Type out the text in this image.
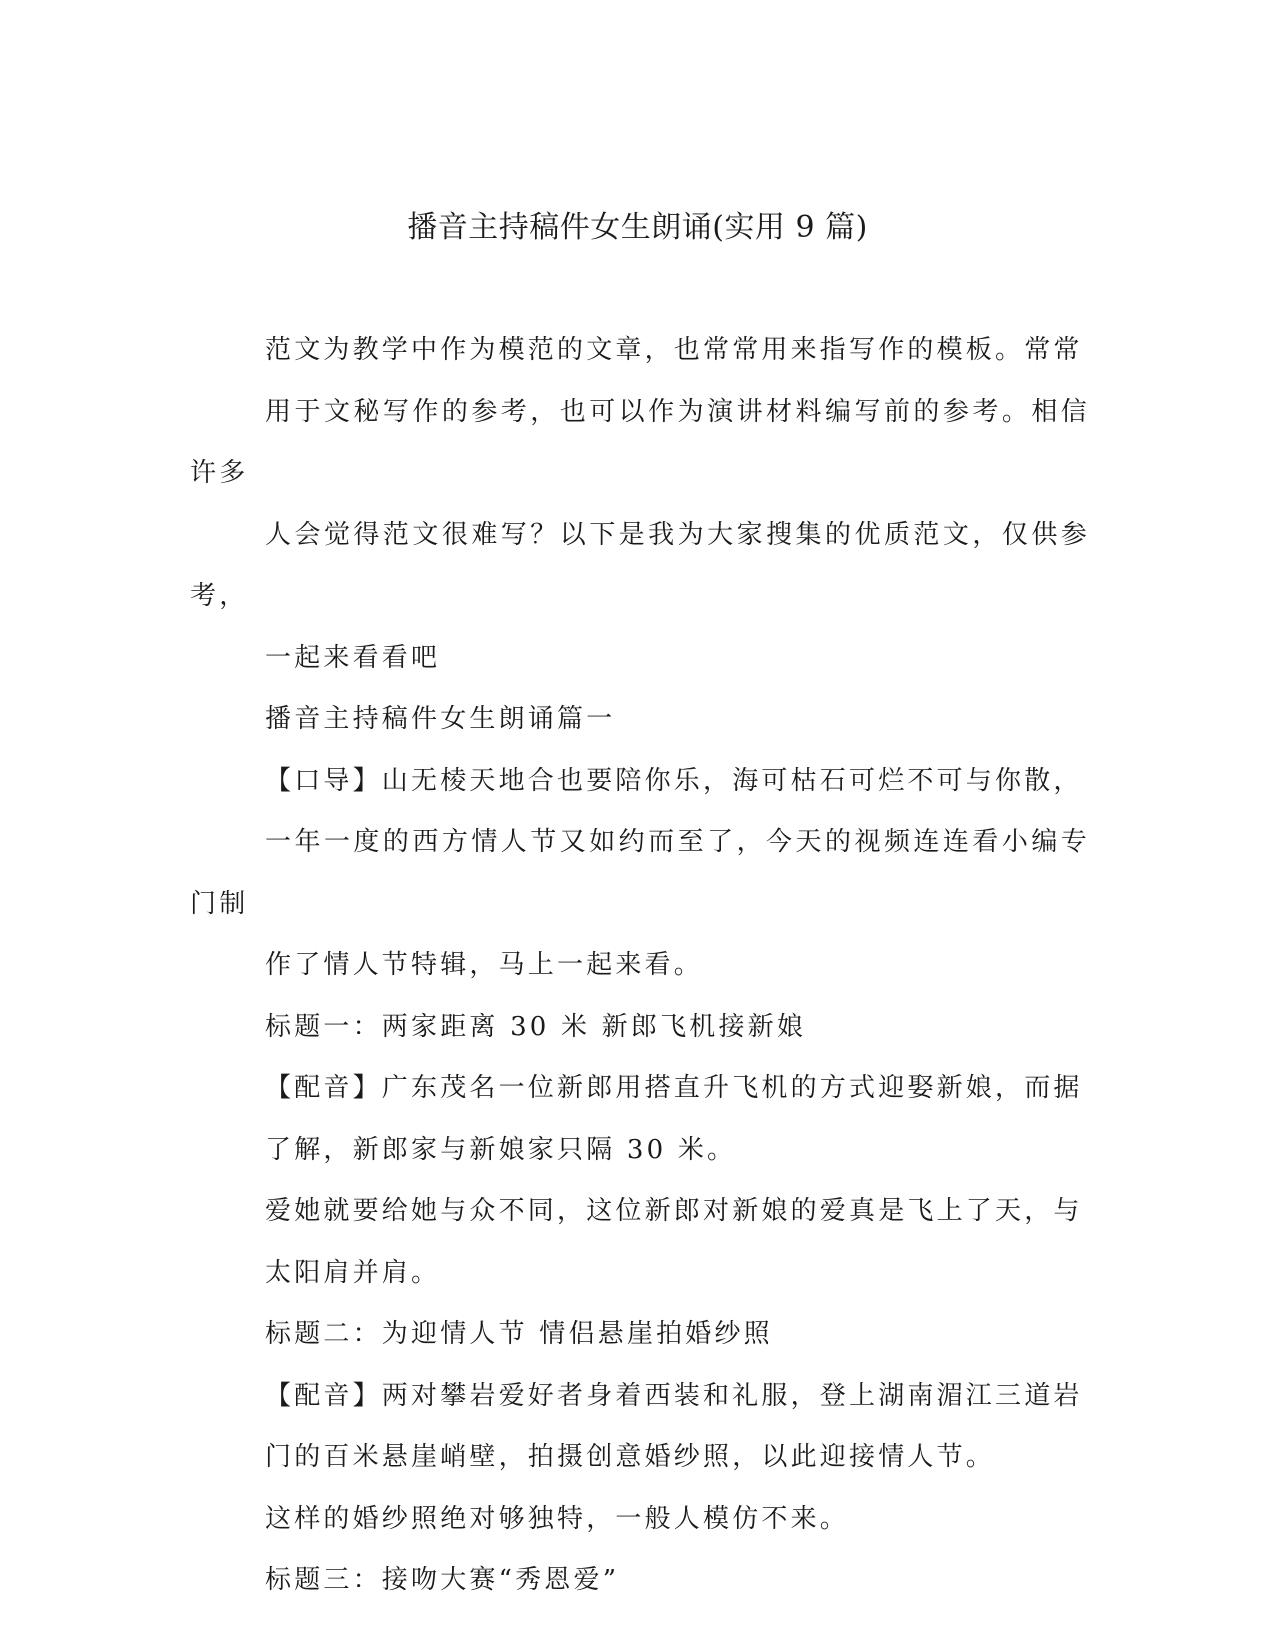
播音主持稿件女生朗诵(实用 9 篇)

范文为教学中作为模范的文章，也常常用来指写作的模板。常常
用于文秘写作的参考，也可以作为演讲材料编写前的参考。相信许多
人会觉得范文很难写？以下是我为大家搜集的优质范文，仅供参考，
一起来看看吧

播音主持稿件女生朗诵篇一

【口导】山无棱天地合也要陪你乐，海可枯石可烂不可与你散，
一年一度的西方情人节又如约而至了，今天的视频连连看小编专门制
作了情人节特辑，马上一起来看。

标题一：两家距离 30 米 新郎飞机接新娘

【配音】广东茂名一位新郎用搭直升飞机的方式迎娶新娘，而据
了解，新郎家与新娘家只隔 30 米。

爱她就要给她与众不同，这位新郎对新娘的爱真是飞上了天，与
太阳肩并肩。

标题二：为迎情人节 情侣悬崖拍婚纱照

【配音】两对攀岩爱好者身着西装和礼服，登上湖南湄江三道岩
门的百米悬崖峭壁，拍摄创意婚纱照，以此迎接情人节。

这样的婚纱照绝对够独特，一般人模仿不来。

标题三：接吻大赛“秀恩爱”
